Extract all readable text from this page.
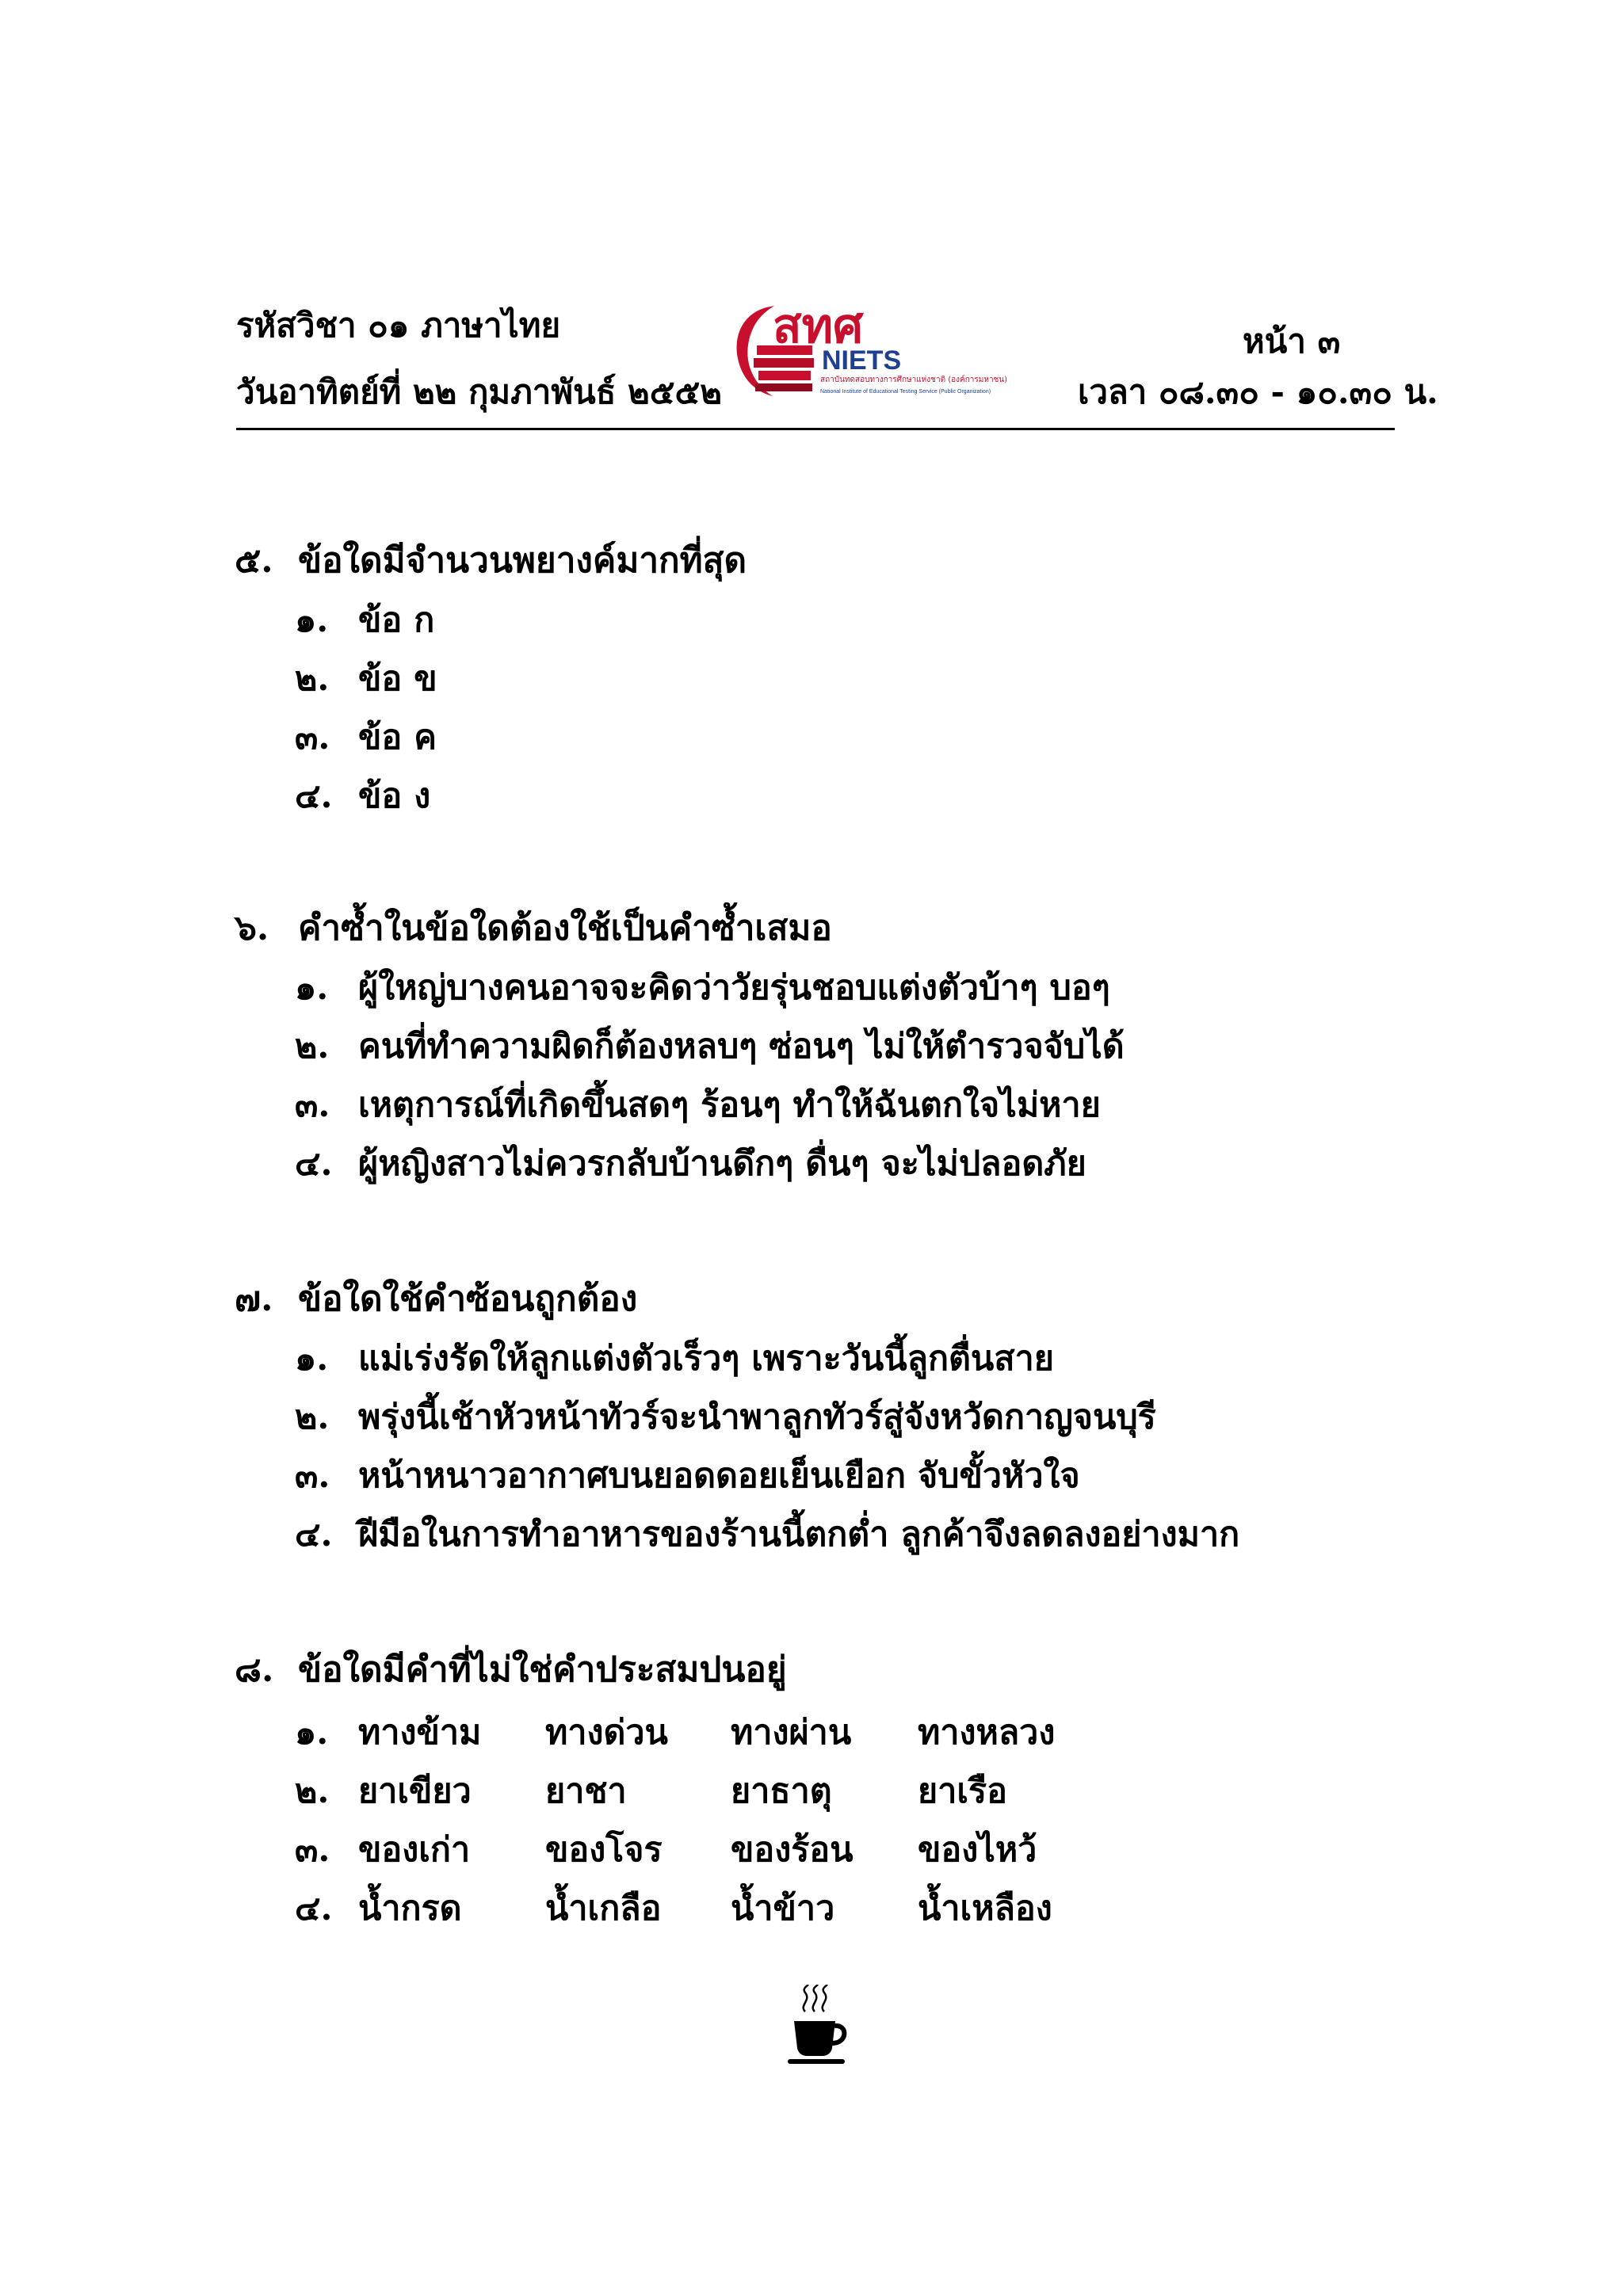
รหัสวิชา ๐๑ ภาษาไทย
วันอาทิตย์ที่ ๒๒ กุมภาพันธ์ ๒๕๕๒
หน้า ๓
เวลา ๐๘.๓๐ - ๑๐.๓๐ น.
สทศ
NIETS
สถาบันทดสอบทางการศึกษาแห่งชาติ (องค์การมหาชน)
National Institute of Educational Testing Service (Public Organization)
๕. ข้อใดมีจำนวนพยางค์มากที่สุด
๑. ข้อ ก
๒. ข้อ ข
๓. ข้อ ค
๔. ข้อ ง
๖. คำซ้ำในข้อใดต้องใช้เป็นคำซ้ำเสมอ
๑. ผู้ใหญ่บางคนอาจจะคิดว่าวัยรุ่นชอบแต่งตัวบ้าๆ บอๆ
๒. คนที่ทำความผิดก็ต้องหลบๆ ซ่อนๆ ไม่ให้ตำรวจจับได้
๓. เหตุการณ์ที่เกิดขึ้นสดๆ ร้อนๆ ทำให้ฉันตกใจไม่หาย
๔. ผู้หญิงสาวไม่ควรกลับบ้านดึกๆ ดื่นๆ จะไม่ปลอดภัย
๗. ข้อใดใช้คำซ้อนถูกต้อง
๑. แม่เร่งรัดให้ลูกแต่งตัวเร็วๆ เพราะวันนี้ลูกตื่นสาย
๒. พรุ่งนี้เช้าหัวหน้าทัวร์จะนำพาลูกทัวร์สู่จังหวัดกาญจนบุรี
๓. หน้าหนาวอากาศบนยอดดอยเย็นเยือก จับขั้วหัวใจ
๔. ฝีมือในการทำอาหารของร้านนี้ตกต่ำ ลูกค้าจึงลดลงอย่างมาก
๘. ข้อใดมีคำที่ไม่ใช่คำประสมปนอยู่
๑. ทางข้าม ทางด่วน ทางผ่าน ทางหลวง
๒. ยาเขียว ยาชา	ยาธาตุ	ยาเรือ
๓. ของเก่า ของโจร ของร้อน ของไหว้
๔. น้ำกรด น้ำเกลือ น้ำข้าว น้ำเหลือง
